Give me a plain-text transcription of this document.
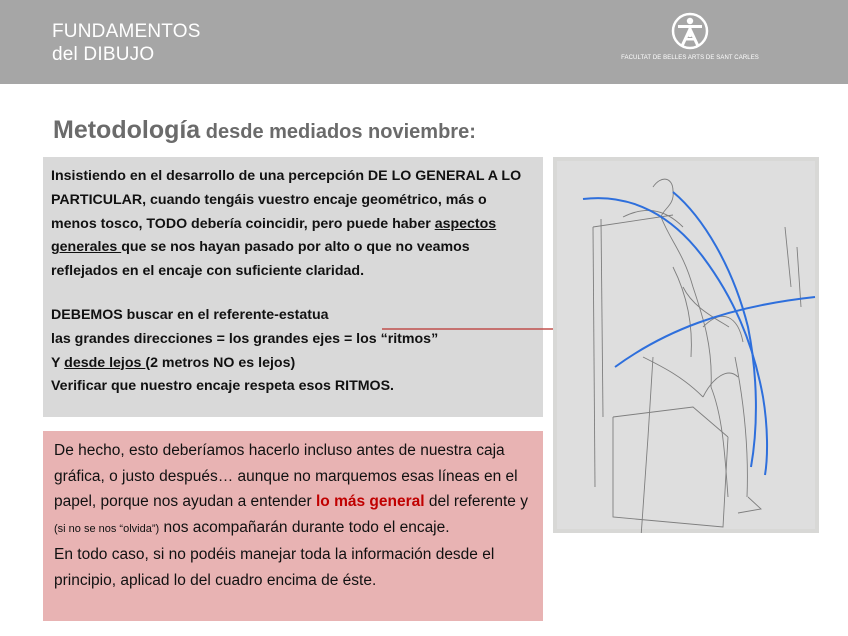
FUNDAMENTOS
del DIBUJO	FACULTAT DE BELLES ARTS DE SANT CARLES
Metodología desde mediados noviembre:

Insistiendo en el desarrollo de una percepción DE LO GENERAL A LO PARTICULAR, cuando tengáis vuestro encaje geométrico, más o menos tosco, TODO debería coincidir, pero puede haber aspectos generales que se nos hayan pasado por alto o que no veamos reflejados en el encaje con suficiente claridad.

DEBEMOS buscar en el referente-estatua

las grandes direcciones = los grandes ejes = los “ritmos”

Y desde lejos (2 metros NO es lejos)

Verificar que nuestro encaje respeta esos RITMOS.

De hecho, esto deberíamos hacerlo incluso antes de nuestra caja gráfica, o justo después… aunque no marquemos esas líneas en el papel, porque nos ayudan a entender lo más general del referente y (si no se nos “olvida”) nos acompañarán durante todo el encaje.

En todo caso, si no podéis manejar toda la información desde el principio, aplicad lo del cuadro encima de éste.
